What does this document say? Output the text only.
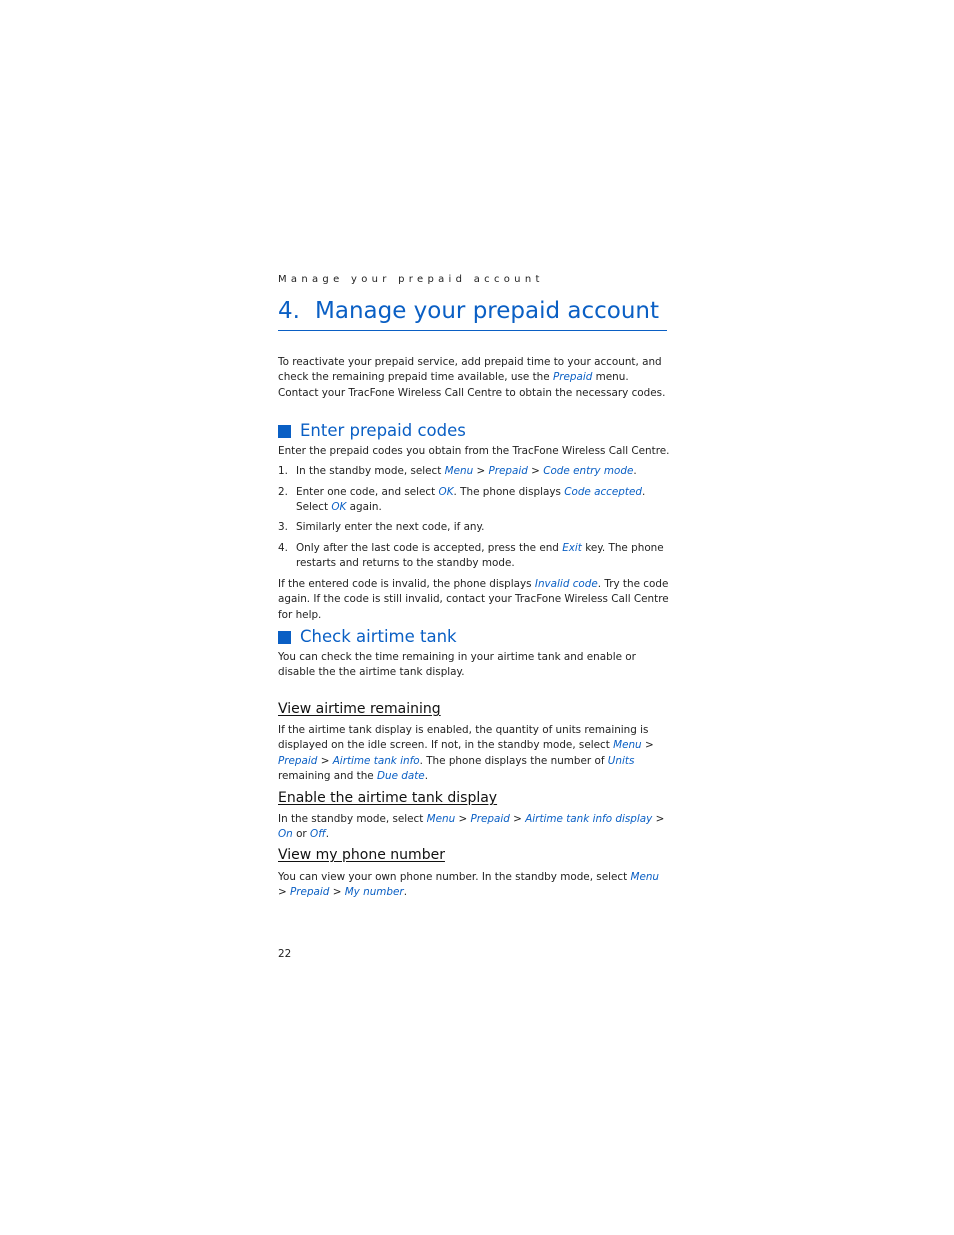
Manage your prepaid account
4. Manage your prepaid account

To reactivate your prepaid service, add prepaid time to your account, and check the remaining prepaid time available, use the Prepaid menu. Contact your TracFone Wireless Call Centre to obtain the necessary codes.

Enter prepaid codes

Enter the prepaid codes you obtain from the TracFone Wireless Call Centre.

1. In the standby mode, select Menu > Prepaid > Code entry mode.
2. Enter one code, and select OK. The phone displays Code accepted.
Select OK again.
3. Similarly enter the next code, if any.
4. Only after the last code is accepted, press the end Exit key. The phone restarts and returns to the standby mode.

If the entered code is invalid, the phone displays Invalid code. Try the code again. If the code is still invalid, contact your TracFone Wireless Call Centre for help.

Check airtime tank

You can check the time remaining in your airtime tank and enable or disable the the airtime tank display.

View airtime remaining

If the airtime tank display is enabled, the quantity of units remaining is displayed on the idle screen. If not, in the standby mode, select Menu > Prepaid > Airtime tank info. The phone displays the number of Units remaining and the Due date.

Enable the airtime tank display

In the standby mode, select Menu > Prepaid > Airtime tank info display > On or Off.

View my phone number

You can view your own phone number. In the standby mode, select Menu > Prepaid > My number.

22
